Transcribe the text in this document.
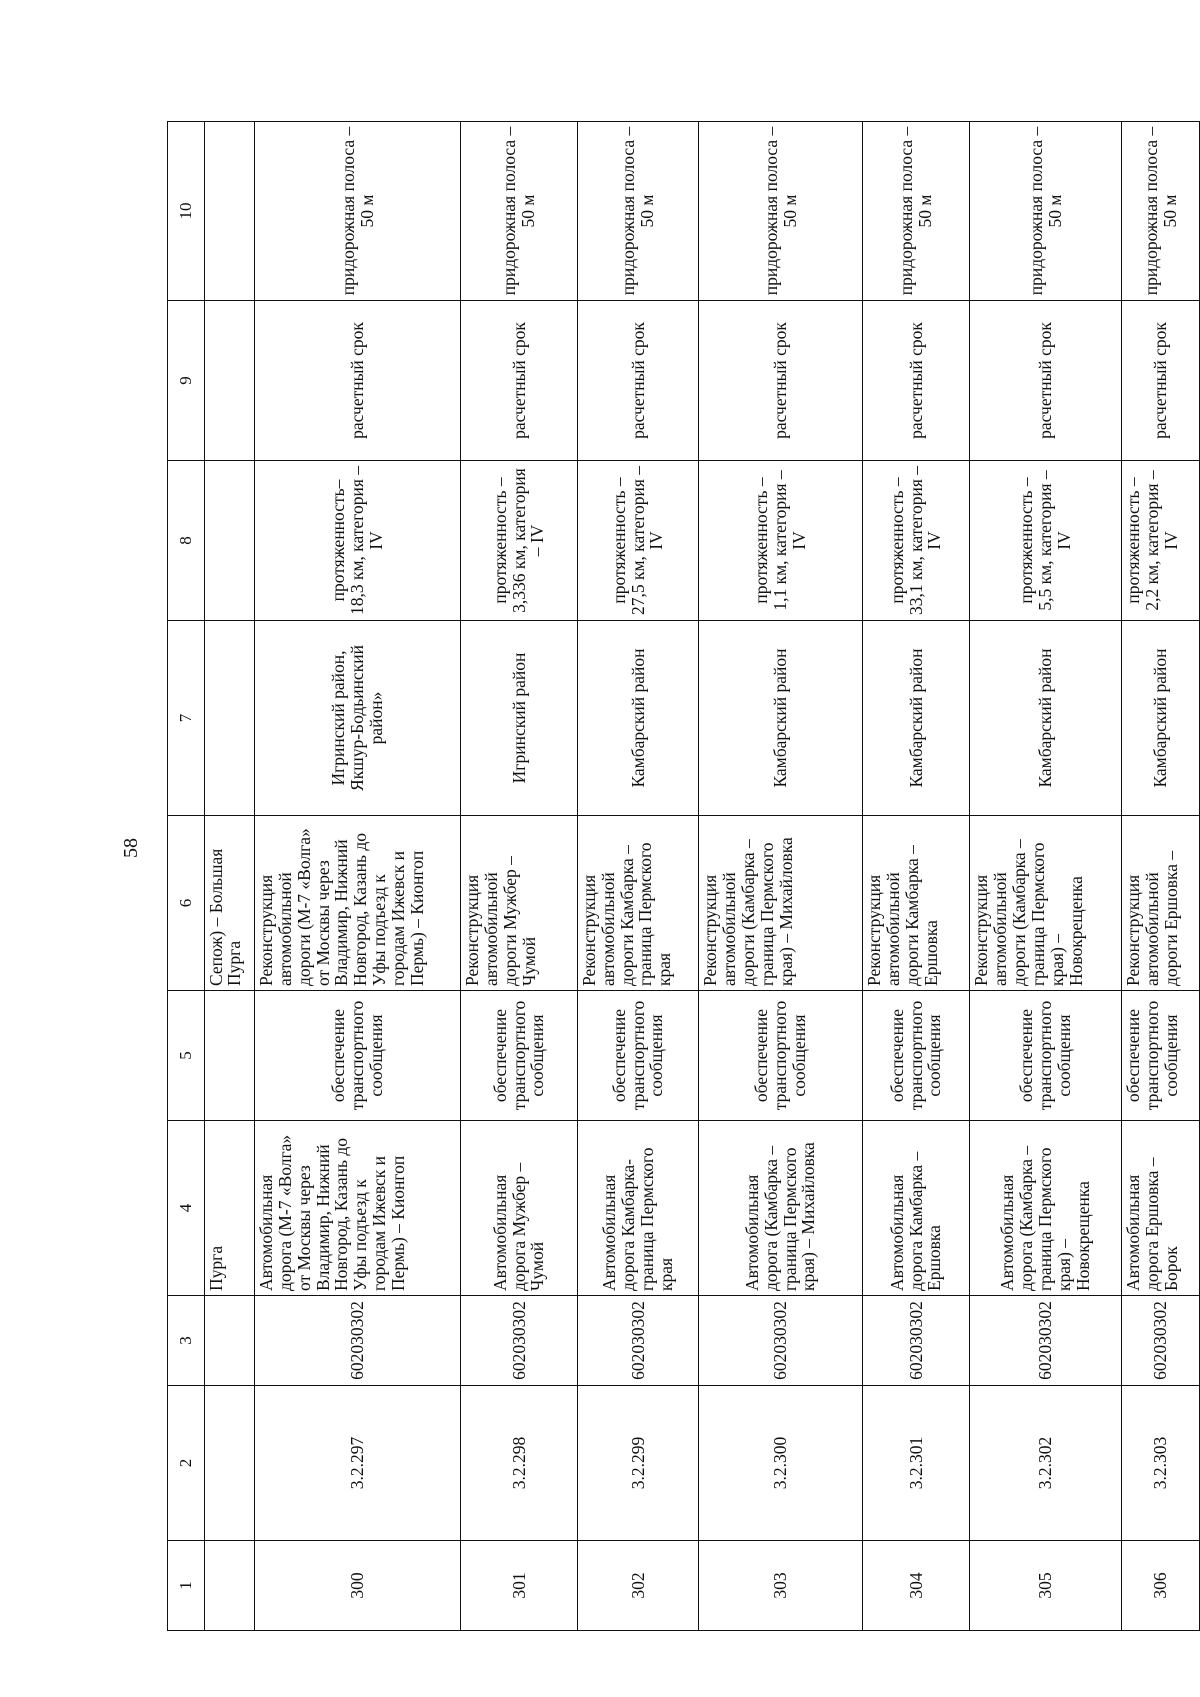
58
1	2	3	4	5	6	7	8	9	10
			Пурга		Сепож) – Большая Пурга				
300	3.2.297	602030302	Автомобильная дорога (М-7 «Волга» от Москвы через Владимир, Нижний Новгород, Казань до Уфы подъезд к городам Ижевск и Пермь) – Кионгоп	обеспечение транспортного сообщения	Реконструкция автомобильной дороги (М-7 «Волга» от Москвы через Владимир, Нижний Новгород, Казань до Уфы подъезд к городам Ижевск и Пермь) – Кионгоп	Игринский район, Якшур-Бодьинский район»	протяженность– 18,3 км, категория – IV	расчетный срок	придорожная полоса – 50 м
301	3.2.298	602030302	Автомобильная дорога Мужбер – Чумой	обеспечение транспортного сообщения	Реконструкция автомобильной дороги Мужбер – Чумой	Игринский район	протяженность – 3,336 км, категория – IV	расчетный срок	придорожная полоса – 50 м
302	3.2.299	602030302	Автомобильная дорога Камбарка- граница Пермского края	обеспечение транспортного сообщения	Реконструкция автомобильной дороги Камбарка – граница Пермского края	Камбарский район	протяженность – 27,5 км, категория – IV	расчетный срок	придорожная полоса – 50 м
303	3.2.300	602030302	Автомобильная дорога (Камбарка – граница Пермского края) – Михайловка	обеспечение транспортного сообщения	Реконструкция автомобильной дороги (Камбарка – граница Пермского края) – Михайловка	Камбарский район	протяженность – 1,1 км, категория – IV	расчетный срок	придорожная полоса – 50 м
304	3.2.301	602030302	Автомобильная дорога Камбарка – Ершовка	обеспечение транспортного сообщения	Реконструкция автомобильной дороги Камбарка – Ершовка	Камбарский район	протяженность – 33,1 км, категория – IV	расчетный срок	придорожная полоса – 50 м
305	3.2.302	602030302	Автомобильная дорога (Камбарка – граница Пермского края) – Новокрещенка	обеспечение транспортного сообщения	Реконструкция автомобильной дороги (Камбарка – граница Пермского края) – Новокрещенка	Камбарский район	протяженность – 5,5 км, категория – IV	расчетный срок	придорожная полоса – 50 м
306	3.2.303	602030302	Автомобильная дорога Ершовка – Борок	обеспечение транспортного сообщения	Реконструкция автомобильной дороги Ершовка –	Камбарский район	протяженность – 2,2 км, категория – IV	расчетный срок	придорожная полоса – 50 м
